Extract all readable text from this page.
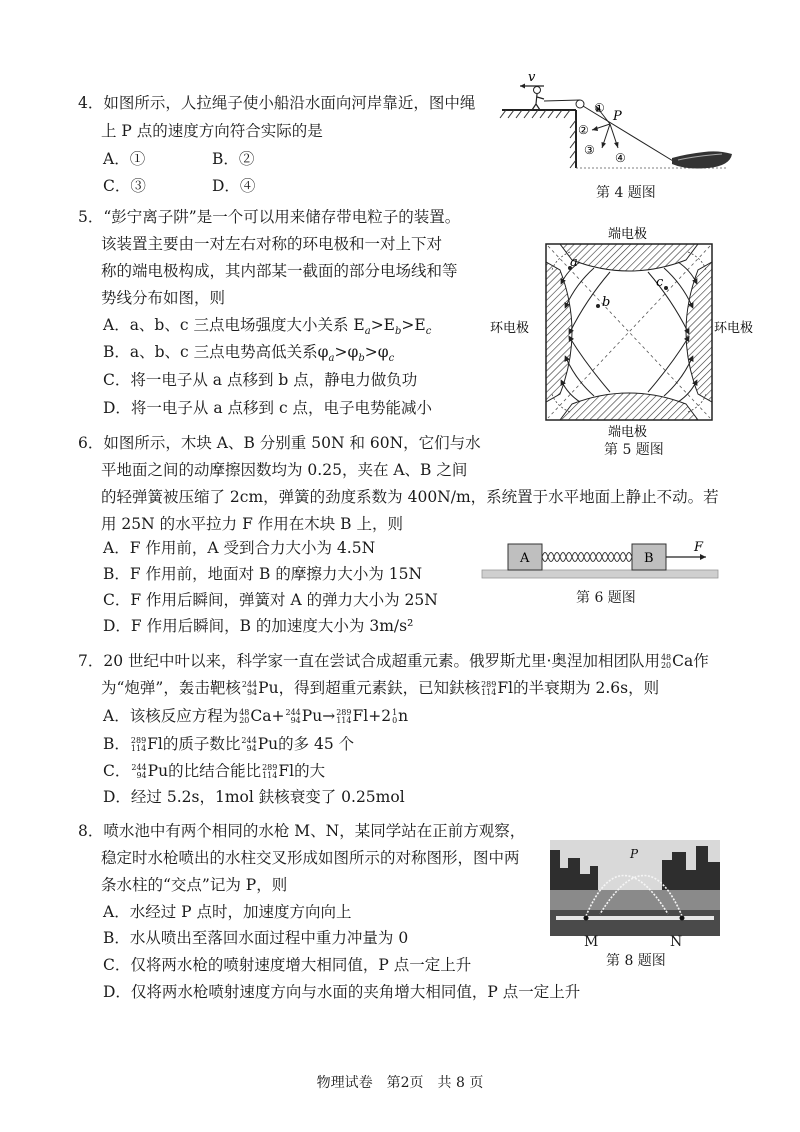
4．如图所示，人拉绳子使小船沿水面向河岸靠近，图中绳
上 P 点的速度方向符合实际的是
A．①	B．②
C．③	D．④
v
P
①
②
③
④
第 4 题图
5．“彭宁离子阱”是一个可以用来储存带电粒子的装置。
该装置主要由一对左右对称的环电极和一对上下对
称的端电极构成，其内部某一截面的部分电场线和等
势线分布如图，则
A．a、b、c 三点电场强度大小关系 $E_a>E_b>E_c$
B．a、b、c 三点电势高低关系$\varphi_a>\varphi_b>\varphi_c$
C．将一电子从 a 点移到 b 点，静电力做负功
D．将一电子从 a 点移到 c 点，电子电势能减小
端电极
环电极	环电极
端电极
a
b
c
第 5 题图
6．如图所示，木块 A、B 分别重 50N 和 60N，它们与水
平地面之间的动摩擦因数均为 0.25，夹在 A、B 之间
的轻弹簧被压缩了 2cm，弹簧的劲度系数为 400N/m，系统置于水平地面上静止不动。若
用 25N 的水平拉力 F 作用在木块 B 上，则
A．F 作用前，A 受到合力大小为 4.5N
B．F 作用前，地面对 B 的摩擦力大小为 15N
C．F 作用后瞬间，弹簧对 A 的弹力大小为 25N
D．F 作用后瞬间，B 的加速度大小为 3m/s²
A	B
F
第 6 题图
7．20 世纪中叶以来，科学家一直在尝试合成超重元素。俄罗斯尤里·奥涅加相团队用 48
20 Ca作
为“炮弹”，轰击靶核 244
94 Pu，得到超重元素鈇，已知鈇核 289
114 Fl的半衰期为 2.6s，则
A．该核反应方程为 48
20 Ca+ 244
94 Pu→ 289
114 Fl+2 1
0 n
B． 289
114 Fl的质子数比 244
94 Pu的多 45 个
C． 244
94 Pu的比结合能比 289
114 Fl的大
D．经过 5.2s，1mol 鈇核衰变了 0.25mol
8．喷水池中有两个相同的水枪 M、N，某同学站在正前方观察，
稳定时水枪喷出的水柱交叉形成如图所示的对称图形，图中两
条水柱的“交点”记为 P，则
A．水经过 P 点时，加速度方向向上
B．水从喷出至落回水面过程中重力冲量为 0
C．仅将两水枪的喷射速度增大相同值，P 点一定上升
D．仅将两水枪喷射速度方向与水面的夹角增大相同值，P 点一定上升
P
M	N
第 8 题图
物理试卷　第2页　共 8 页
